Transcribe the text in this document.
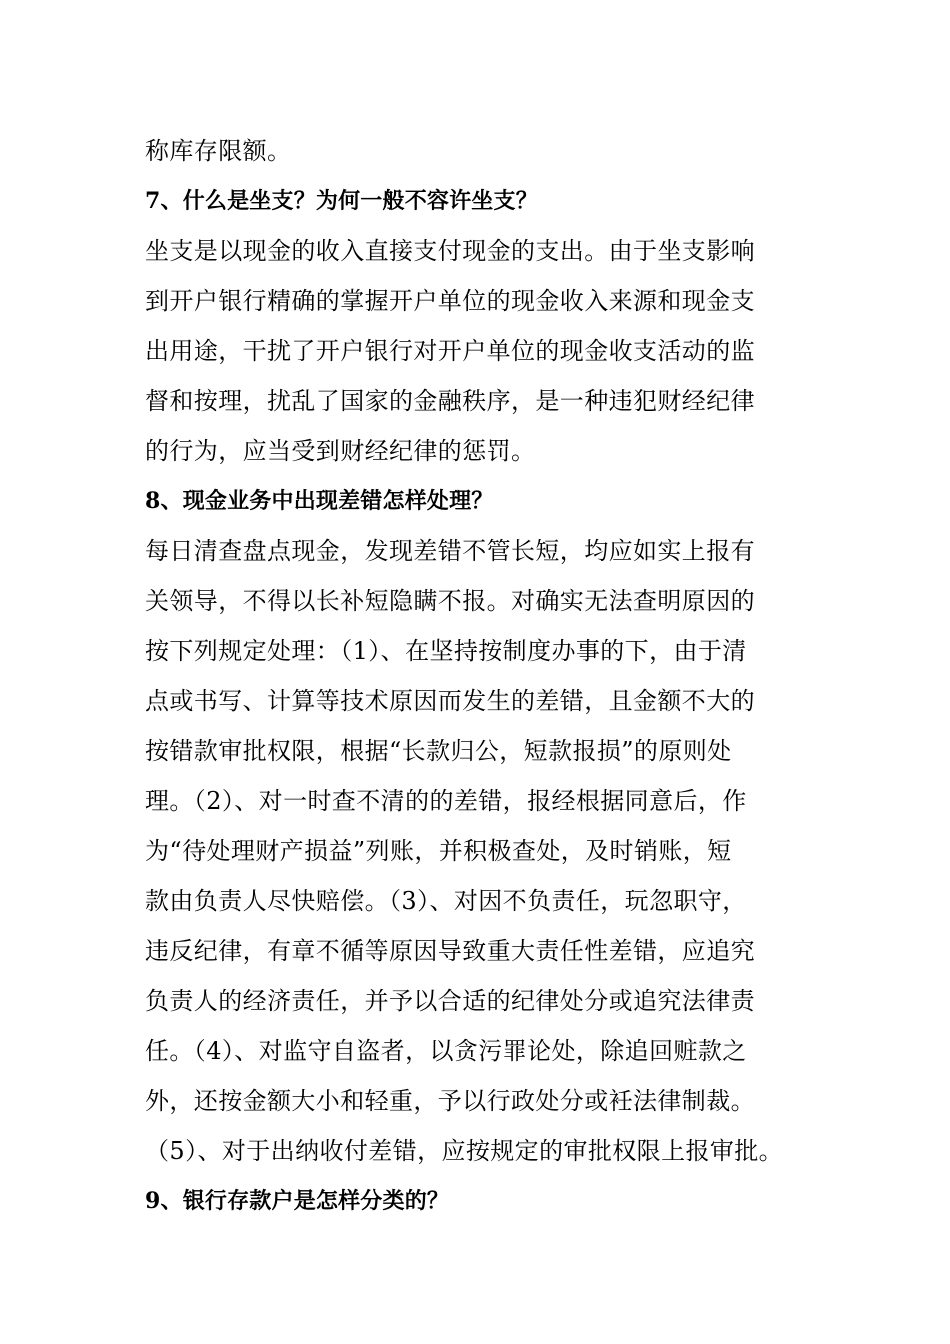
称库存限额。
7、什么是坐支？为何一般不容许坐支？
坐支是以现金的收入直接支付现金的支出。由于坐支影响
到开户银行精确的掌握开户单位的现金收入来源和现金支
出用途，干扰了开户银行对开户单位的现金收支活动的监
督和按理，扰乱了国家的金融秩序，是一种违犯财经纪律
的行为，应当受到财经纪律的惩罚。
8、现金业务中出现差错怎样处理？
每日清查盘点现金，发现差错不管长短，均应如实上报有
关领导，不得以长补短隐瞒不报。对确实无法查明原因的
按下列规定处理：（1）、在坚持按制度办事的下，由于清
点或书写、计算等技术原因而发生的差错，且金额不大的
按错款审批权限，根据“长款归公，短款报损”的原则处
理。（2）、对一时查不清的的差错，报经根据同意后，作
为“待处理财产损益”列账，并积极查处，及时销账，短
款由负责人尽快赔偿。（3）、对因不负责任，玩忽职守，
违反纪律，有章不循等原因导致重大责任性差错，应追究
负责人的经济责任，并予以合适的纪律处分或追究法律责
任。（4）、对监守自盗者，以贪污罪论处，除追回赃款之
外，还按金额大小和轻重，予以行政处分或衽法律制裁。
（5）、对于出纳收付差错，应按规定的审批权限上报审批。
9、银行存款户是怎样分类的？
